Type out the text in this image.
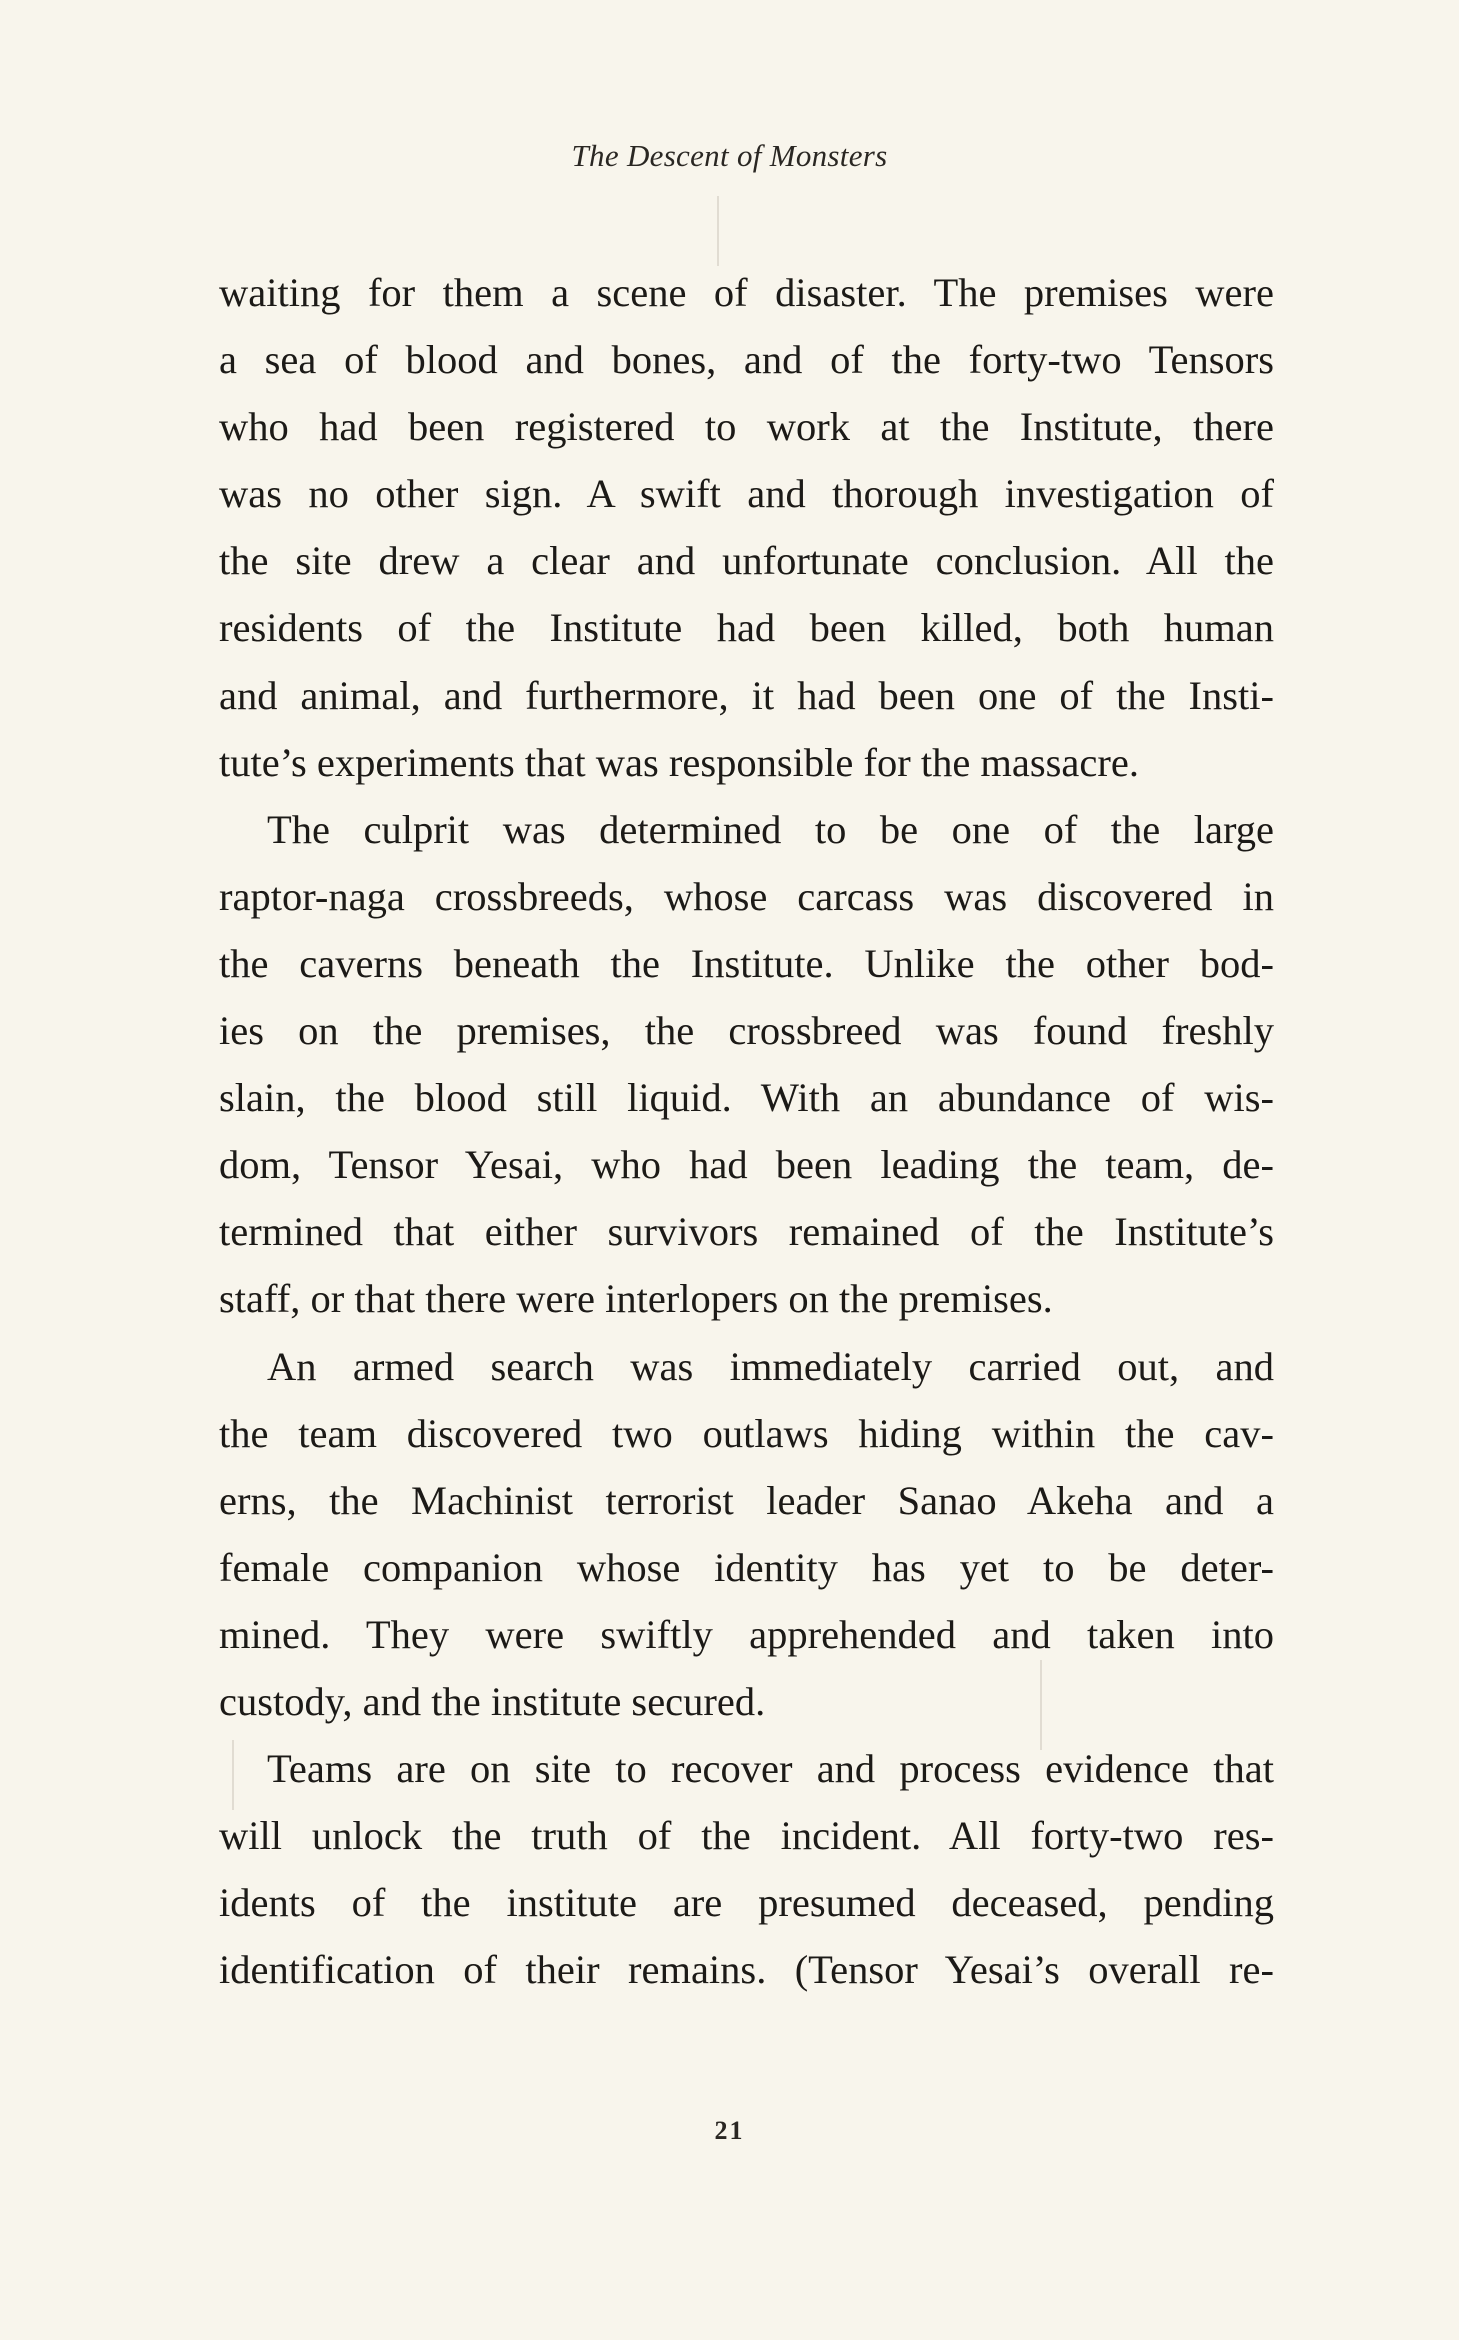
The Descent of Monsters
waiting for them a scene of disaster. The premises were
a sea of blood and bones, and of the forty-two Tensors
who had been registered to work at the Institute, there
was no other sign. A swift and thorough investigation of
the site drew a clear and unfortunate conclusion. All the
residents of the Institute had been killed, both human
and animal, and furthermore, it had been one of the Insti-
tute’s experiments that was responsible for the massacre.
The culprit was determined to be one of the large
raptor-naga crossbreeds, whose carcass was discovered in
the caverns beneath the Institute. Unlike the other bod-
ies on the premises, the crossbreed was found freshly
slain, the blood still liquid. With an abundance of wis-
dom, Tensor Yesai, who had been leading the team, de-
termined that either survivors remained of the Institute’s
staff, or that there were interlopers on the premises.
An armed search was immediately carried out, and
the team discovered two outlaws hiding within the cav-
erns, the Machinist terrorist leader Sanao Akeha and a
female companion whose identity has yet to be deter-
mined. They were swiftly apprehended and taken into
custody, and the institute secured.
Teams are on site to recover and process evidence that
will unlock the truth of the incident. All forty-two res-
idents of the institute are presumed deceased, pending
identification of their remains. (Tensor Yesai’s overall re-
21
